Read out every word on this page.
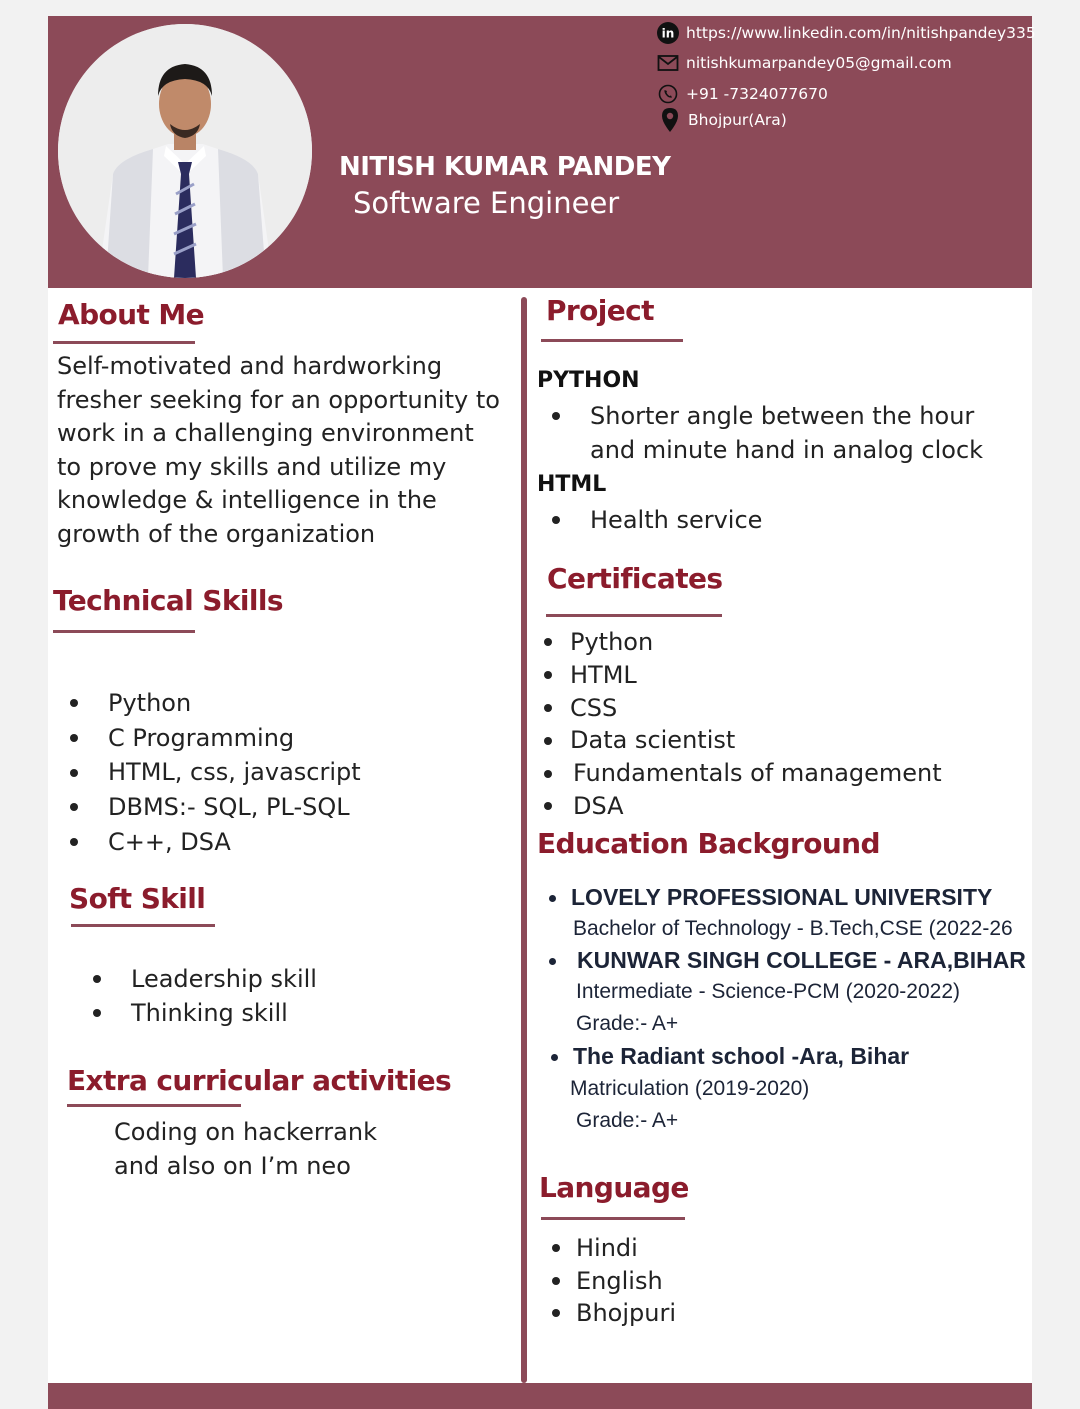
NITISH KUMAR PANDEY
Software Engineer
in https://www.linkedin.com/in/nitishpandey335
nitishkumarpandey05@gmail.com
+91 -7324077670
Bhojpur(Ara)
About Me
Self-motivated and hardworking
fresher seeking for an opportunity to
work in a challenging environment
to prove my skills and utilize my
knowledge & intelligence in the
growth of the organization
Technical Skills
Python
C Programming
HTML, css, javascript
DBMS:- SQL, PL-SQL
C++, DSA
Soft Skill
Leadership skill
Thinking skill
Extra curricular activities
Coding on hackerrank
and also on I’m neo
Project
PYTHON
Shorter angle between the hour
and minute hand in analog clock
HTML
Health service
Certificates
Python
HTML
CSS
Data scientist
Fundamentals of management
DSA
Education Background
LOVELY PROFESSIONAL UNIVERSITY
Bachelor of Technology - B.Tech,CSE (2022-26
KUNWAR SINGH COLLEGE - ARA,BIHAR
Intermediate - Science-PCM (2020-2022)
Grade:- A+
The Radiant school -Ara, Bihar
Matriculation (2019-2020)
Grade:- A+
Language
Hindi
English
Bhojpuri
